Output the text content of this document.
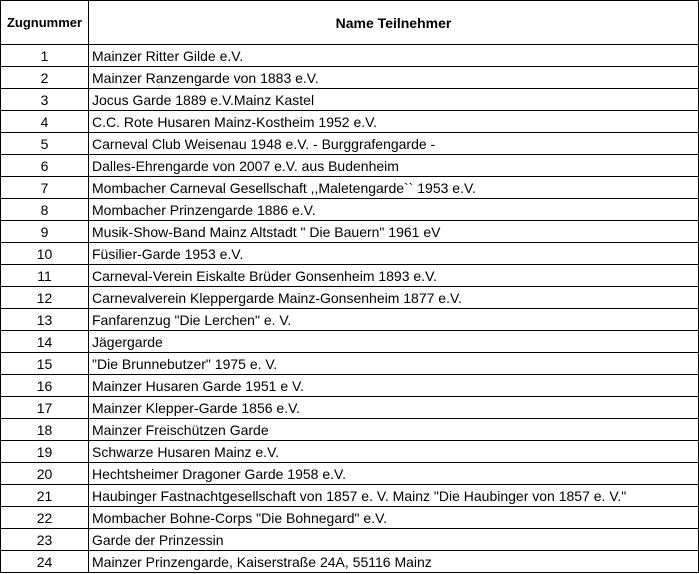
Zugnummer	Name Teilnehmer
1	Mainzer Ritter Gilde e.V.
2	Mainzer Ranzengarde von 1883 e.V.
3	Jocus Garde 1889 e.V.Mainz Kastel
4	C.C. Rote Husaren Mainz-Kostheim 1952 e.V.
5	Carneval Club Weisenau 1948 e.V. - Burggrafengarde -
6	Dalles-Ehrengarde von 2007 e.V. aus Budenheim
7	Mombacher Carneval Gesellschaft ,,Maletengarde`` 1953 e.V.
8	Mombacher Prinzengarde 1886 e.V.
9	Musik-Show-Band Mainz Altstadt " Die Bauern" 1961 eV
10	Füsilier-Garde 1953 e.V.
11	Carneval-Verein Eiskalte Brüder Gonsenheim 1893 e.V.
12	Carnevalverein Kleppergarde Mainz-Gonsenheim 1877 e.V.
13	Fanfarenzug "Die Lerchen" e. V.
14	Jägergarde
15	"Die Brunnebutzer" 1975 e. V.
16	Mainzer Husaren Garde 1951 e V.
17	Mainzer Klepper-Garde 1856 e.V.
18	Mainzer Freischützen Garde
19	Schwarze Husaren Mainz e.V.
20	Hechtsheimer Dragoner Garde 1958 e.V.
21	Haubinger Fastnachtgesellschaft von 1857 e. V. Mainz "Die Haubinger von 1857 e. V."
22	Mombacher Bohne-Corps "Die Bohnegard" e.V.
23	Garde der Prinzessin
24	Mainzer Prinzengarde, Kaiserstraße 24A, 55116 Mainz
